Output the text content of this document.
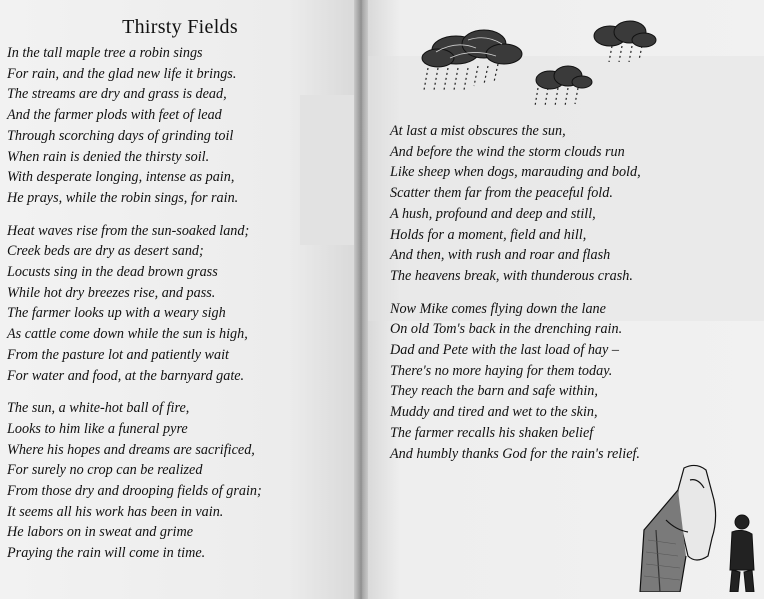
Thirsty Fields
In the tall maple tree a robin sings
For rain, and the glad new life it brings.
The streams are dry and grass is dead,
And the farmer plods with feet of lead
Through scorching days of grinding toil
When rain is denied the thirsty soil.
With desperate longing, intense as pain,
He prays, while the robin sings, for rain.
Heat waves rise from the sun-soaked land;
Creek beds are dry as desert sand;
Locusts sing in the dead brown grass
While hot dry breezes rise, and pass.
The farmer looks up with a weary sigh
As cattle come down while the sun is high,
From the pasture lot and patiently wait
For water and food, at the barnyard gate.
The sun, a white-hot ball of fire,
Looks to him like a funeral pyre
Where his hopes and dreams are sacrificed,
For surely no crop can be realized
From those dry and drooping fields of grain;
It seems all his work has been in vain.
He labors on in sweat and grime
Praying the rain will come in time.
At last a mist obscures the sun,
And before the wind the storm clouds run
Like sheep when dogs, marauding and bold,
Scatter them far from the peaceful fold.
A hush, profound and deep and still,
Holds for a moment, field and hill,
And then, with rush and roar and flash
The heavens break, with thunderous crash.
Now Mike comes flying down the lane
On old Tom's back in the drenching rain.
Dad and Pete with the last load of hay –
There's no more haying for them today.
They reach the barn and safe within,
Muddy and tired and wet to the skin,
The farmer recalls his shaken belief
And humbly thanks God for the rain's relief.
